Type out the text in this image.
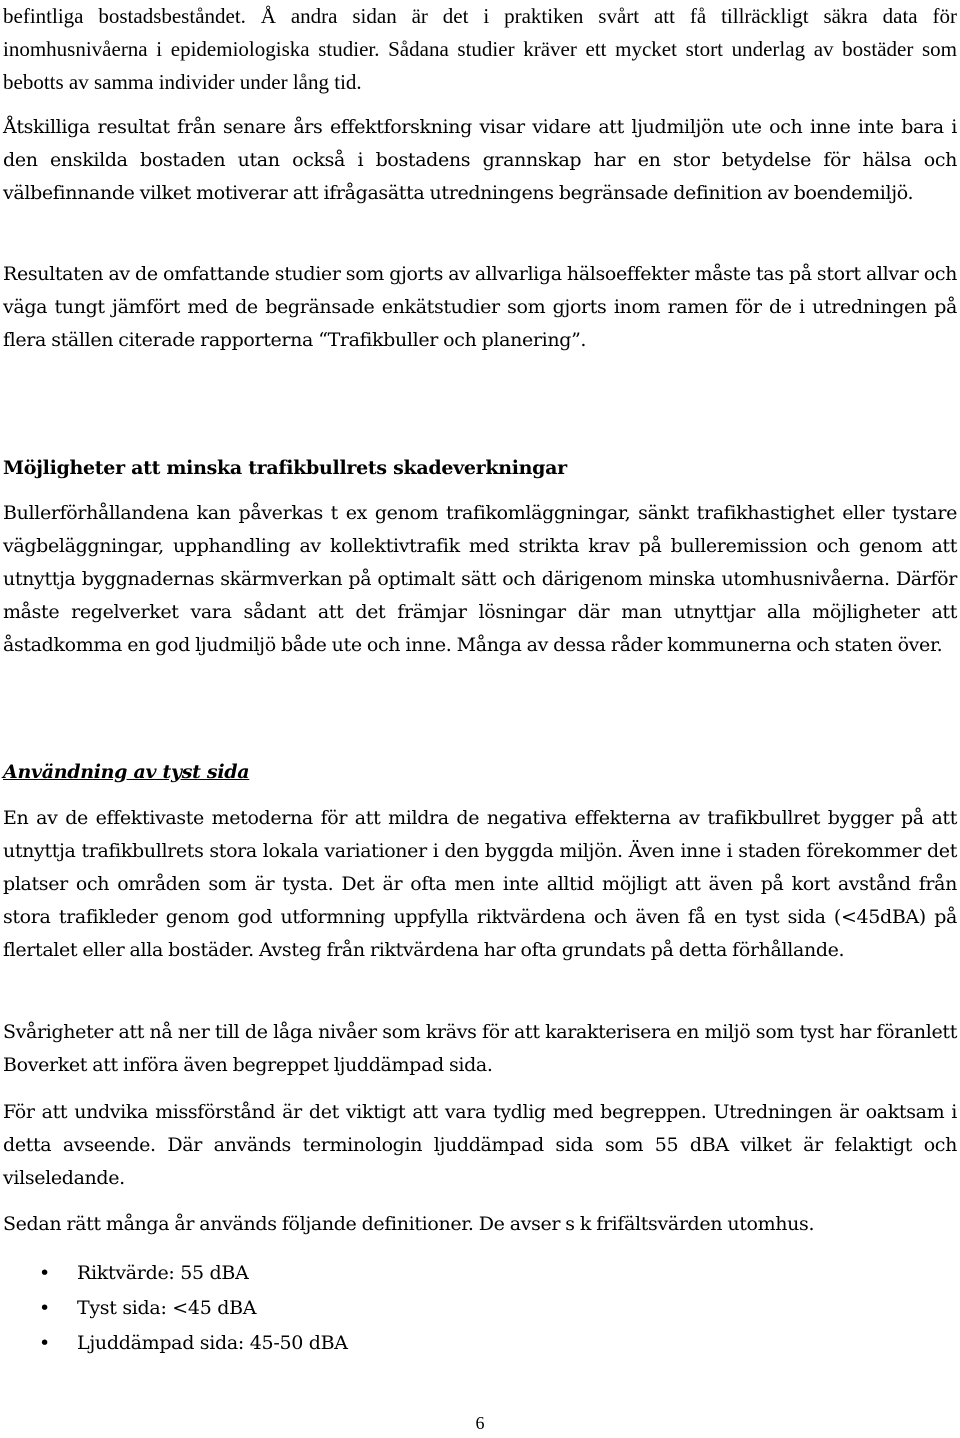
befintliga bostadsbeståndet. Å andra sidan är det i praktiken svårt att få tillräckligt säkra data för inomhusnivåerna i epidemiologiska studier. Sådana studier kräver ett mycket stort underlag av bostäder som bebotts av samma individer under lång tid.

Åtskilliga resultat från senare års effektforskning visar vidare att ljudmiljön ute och inne inte bara i den enskilda bostaden utan också i bostadens grannskap har en stor betydelse för hälsa och välbefinnande vilket motiverar att ifrågasätta utredningens begränsade definition av boendemiljö.

Resultaten av de omfattande studier som gjorts av allvarliga hälsoeffekter måste tas på stort allvar och väga tungt jämfört med de begränsade enkätstudier som gjorts inom ramen för de i utredningen på flera ställen citerade rapporterna “Trafikbuller och planering”.

Möjligheter att minska trafikbullrets skadeverkningar

Bullerförhållandena kan påverkas t ex genom trafikomläggningar, sänkt trafikhastighet eller tystare vägbeläggningar, upphandling av kollektivtrafik med strikta krav på bulleremission och genom att utnyttja byggnadernas skärmverkan på optimalt sätt och därigenom minska utomhusnivåerna. Därför måste regelverket vara sådant att det främjar lösningar där man utnyttjar alla möjligheter att åstadkomma en god ljudmiljö både ute och inne. Många av dessa råder kommunerna och staten över.

Användning av tyst sida

En av de effektivaste metoderna för att mildra de negativa effekterna av trafikbullret bygger på att utnyttja trafikbullrets stora lokala variationer i den byggda miljön. Även inne i staden förekommer det platser och områden som är tysta. Det är ofta men inte alltid möjligt att även på kort avstånd från stora trafikleder genom god utformning uppfylla riktvärdena och även få en tyst sida (<45dBA) på flertalet eller alla bostäder. Avsteg från riktvärdena har ofta grundats på detta förhållande.

Svårigheter att nå ner till de låga nivåer som krävs för att karakterisera en miljö som tyst har föranlett Boverket att införa även begreppet ljuddämpad sida.

För att undvika missförstånd är det viktigt att vara tydlig med begreppen. Utredningen är oaktsam i detta avseende. Där används terminologin ljuddämpad sida som 55 dBA vilket är felaktigt och vilseledande.

Sedan rätt många år används följande definitioner. De avser s k frifältsvärden utomhus.

• Riktvärde: 55 dBA
• Tyst sida: <45 dBA
• Ljuddämpad sida: 45-50 dBA
6
